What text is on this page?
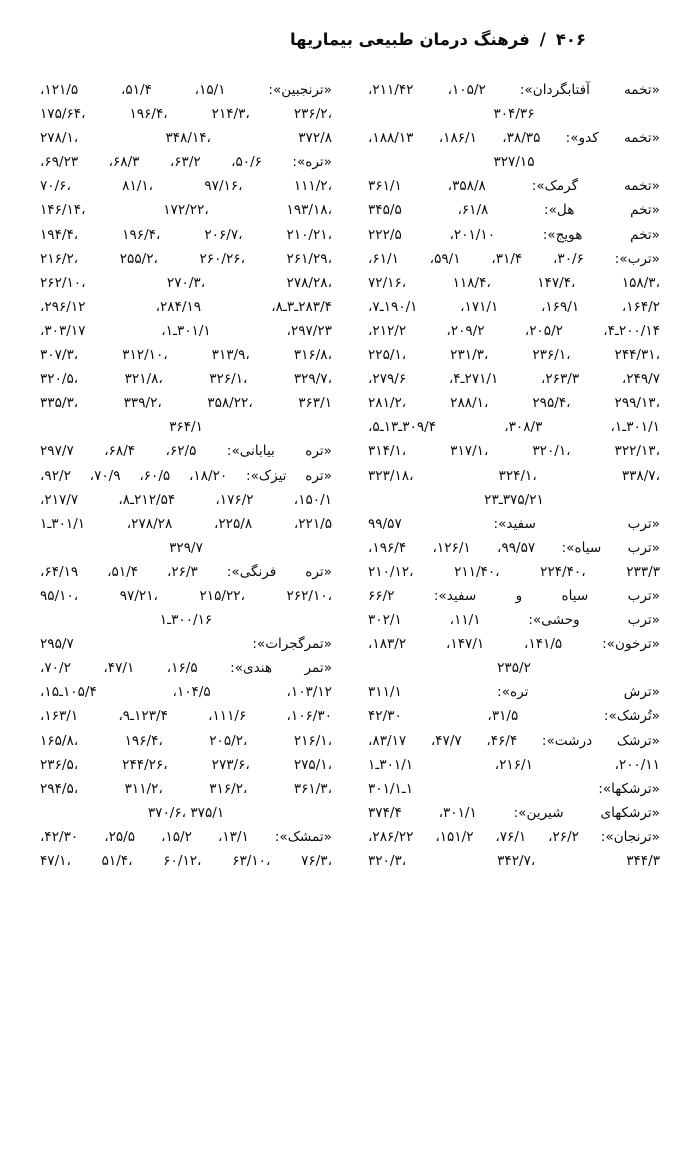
۴۰۶
/
فرهنگ درمان طبیعی بیماریها
«تخمه آفتابگردان»: ۱۰۵/۲، ۲۱۱/۴۲،
۳۰۴/۳۶
«تخمه کدو»: ۳۸/۳۵، ۱۸۶/۱، ۱۸۸/۱۳،
۳۲۷/۱۵
«تخمه گرمک»: ۳۵۸/۸، ۳۶۱/۱
«تخم هل»: ۶۱/۸، ۳۴۵/۵
«تخم هویج»: ۲۰۱/۱۰، ۲۲۲/۵
«ترب»: ۳۰/۶، ۳۱/۴، ۵۹/۱، ۶۱/۱،
۷۲/۱۶، ۱۱۸/۴، ۱۴۷/۴، ۱۵۸/۳،
۱۶۴/۲، ۱۶۹/۱، ۱۷۱/۱، ۱۹۰/۱ـ۷،
۲۰۰/۱۴ـ۴، ۲۰۵/۲، ۲۰۹/۲، ۲۱۲/۲،
۲۲۵/۱، ۲۳۱/۳، ۲۳۶/۱، ۲۴۴/۳۱،
۲۴۹/۷، ۲۶۳/۳، ۲۷۱/۱ـ۴، ۲۷۹/۶،
۲۸۱/۲، ۲۸۸/۱، ۲۹۵/۴، ۲۹۹/۱۳،
۳۰۱/۱ـ۱، ۳۰۸/۳، ۳۰۹/۴ـ۱۳ـ۵،
۳۱۴/۱، ۳۱۷/۱، ۳۲۰/۱، ۳۲۲/۱۳،
۳۲۳/۱۸، ۳۲۴/۱، ۳۳۸/۷،
۳۷۵/۲۱ـ۲۳
«ترب سفید»: ۹۹/۵۷
«ترب سیاه»: ۹۹/۵۷، ۱۲۶/۱، ۱۹۶/۴،
۲۱۰/۱۲، ۲۱۱/۴۰، ۲۲۴/۴۰، ۲۳۳/۳
«ترب سیاه و سفید»: ۶۶/۲
«ترب وحشی»: ۱۱/۱، ۳۰۲/۱
«ترخون»: ۱۴۱/۵، ۱۴۷/۱، ۱۸۳/۲،
۲۳۵/۲
«ترش تره»: ۳۱۱/۱
«تُرشک»: ۳۱/۵، ۴۲/۳۰
«ترشک درشت»: ۴۶/۴، ۴۷/۷، ۸۳/۱۷،
۲۰۰/۱۱، ۲۱۶/۱، ۳۰۱/۱ـ۱
«ترشکها»: ۱ـ۳۰۱/۱
«ترشکهای شیرین»: ۳۰۱/۱، ۳۷۴/۴
«ترنجان»: ۲۶/۲، ۷۶/۱، ۱۵۱/۲، ۲۸۶/۲۲،
۳۲۰/۳، ۳۴۲/۷، ۳۴۴/۳
«ترنجبین»: ۱۵/۱، ۵۱/۴، ۱۲۱/۵،
۱۷۵/۶۴، ۱۹۶/۴، ۲۱۴/۳، ۲۳۶/۲،
۲۷۸/۱، ۳۴۸/۱۴، ۳۷۲/۸
«تره»: ۵۰/۶، ۶۳/۲، ۶۸/۳، ۶۹/۲۳،
۷۰/۶، ۸۱/۱، ۹۷/۱۶، ۱۱۱/۲،
۱۴۶/۱۴، ۱۷۲/۲۲، ۱۹۳/۱۸،
۱۹۴/۴، ۱۹۶/۴، ۲۰۶/۷، ۲۱۰/۲۱،
۲۱۶/۲، ۲۵۵/۲، ۲۶۰/۲۶، ۲۶۱/۲۹،
۲۶۲/۱۰، ۲۷۰/۳، ۲۷۸/۲۸،
۲۸۳/۴ـ۳ـ۸، ۲۸۴/۱۹، ۲۹۶/۱۲،
۲۹۷/۲۳، ۳۰۱/۱ـ۱، ۳۰۳/۱۷،
۳۰۷/۳، ۳۱۲/۱۰، ۳۱۳/۹، ۳۱۶/۸،
۳۲۰/۵، ۳۲۱/۸، ۳۲۶/۱، ۳۲۹/۷،
۳۳۵/۳، ۳۳۹/۲، ۳۵۸/۲۲، ۳۶۳/۱
۳۶۴/۱
«تره بیابانی»: ۶۲/۵، ۶۸/۴، ۲۹۷/۷
«تره تیزک»: ۱۸/۲۰، ۶۰/۵، ۷۰/۹، ۹۲/۲،
۱۵۰/۱، ۱۷۶/۲، ۲۱۲/۵۴ـ۸، ۲۱۷/۷،
۲۲۱/۵، ۲۲۵/۸، ۲۷۸/۲۸، ۳۰۱/۱ـ۱
۳۲۹/۷
«تره فرنگی»: ۲۶/۳، ۵۱/۴، ۶۴/۱۹،
۹۵/۱۰، ۹۷/۲۱، ۲۱۵/۲۲، ۲۶۲/۱۰،
۳۰۰/۱۶ـ۱
«تمرگجرات»: ۲۹۵/۷
«تمر هندی»: ۱۶/۵، ۴۷/۱، ۷۰/۲،
۱۰۳/۱۲، ۱۰۴/۵، ۱۰۵/۴ـ۱۵،
۱۰۶/۳۰، ۱۱۱/۶، ۱۲۳/۴ـ۹، ۱۶۳/۱،
۱۶۵/۸، ۱۹۶/۴، ۲۰۵/۲، ۲۱۶/۱،
۲۳۶/۵، ۲۴۴/۲۶، ۲۷۳/۶، ۲۷۵/۱،
۲۹۴/۵، ۳۱۱/۲، ۳۱۶/۲، ۳۶۱/۳،
۳۷۰/۶، ۳۷۵/۱
«تمشک»: ۱۳/۱، ۱۵/۲، ۲۵/۵، ۴۲/۳۰،
۴۷/۱، ۵۱/۴، ۶۰/۱۲، ۶۳/۱۰، ۷۶/۳،
